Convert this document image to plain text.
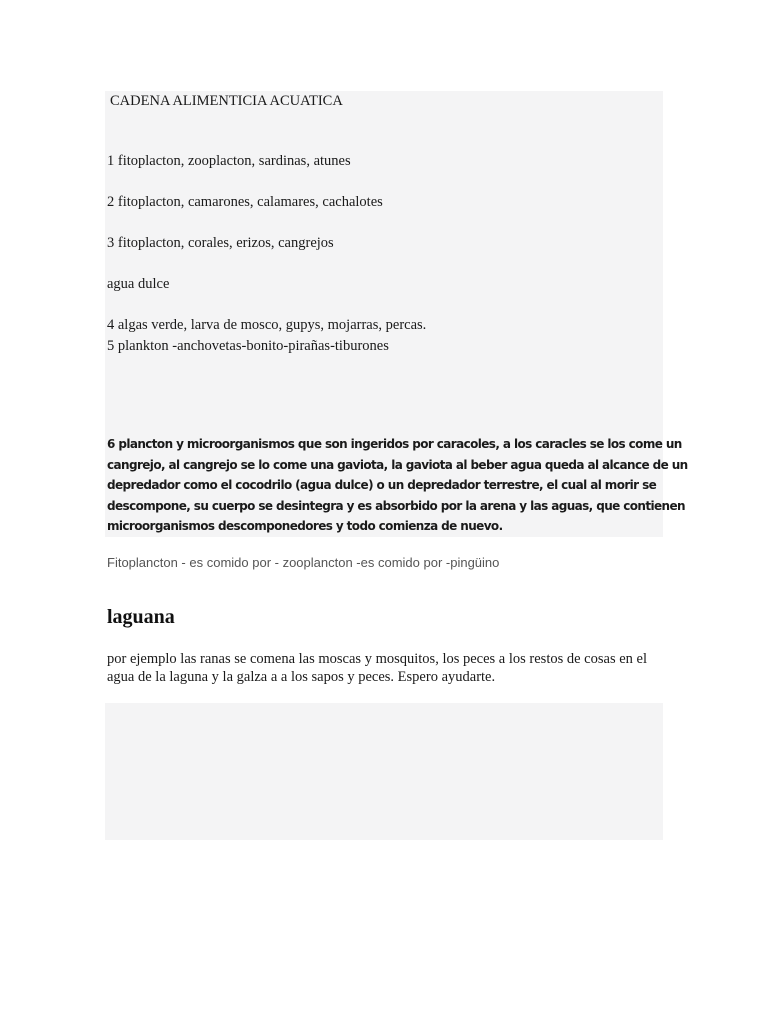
CADENA ALIMENTICIA ACUATICA
1 fitoplacton, zooplacton, sardinas, atunes
2 fitoplacton, camarones, calamares, cachalotes
3 fitoplacton, corales, erizos, cangrejos
agua dulce
4 algas verde, larva de mosco, gupys, mojarras, percas.
5 plankton -anchovetas-bonito-pirañas-tiburones
6 plancton y microorganismos que son ingeridos por caracoles, a los caracles se los come un
cangrejo, al cangrejo se lo come una gaviota, la gaviota al beber agua queda al alcance de un
depredador como el cocodrilo (agua dulce) o un depredador terrestre, el cual al morir se
descompone, su cuerpo se desintegra y es absorbido por la arena y las aguas, que contienen
microorganismos descomponedores y todo comienza de nuevo.
Fitoplancton - es comido por - zooplancton -es comido por -pingüino
laguana
por ejemplo las ranas se comena las moscas y mosquitos, los peces a los restos de cosas en el agua de la laguna y la galza a a los sapos y peces. Espero ayudarte.
